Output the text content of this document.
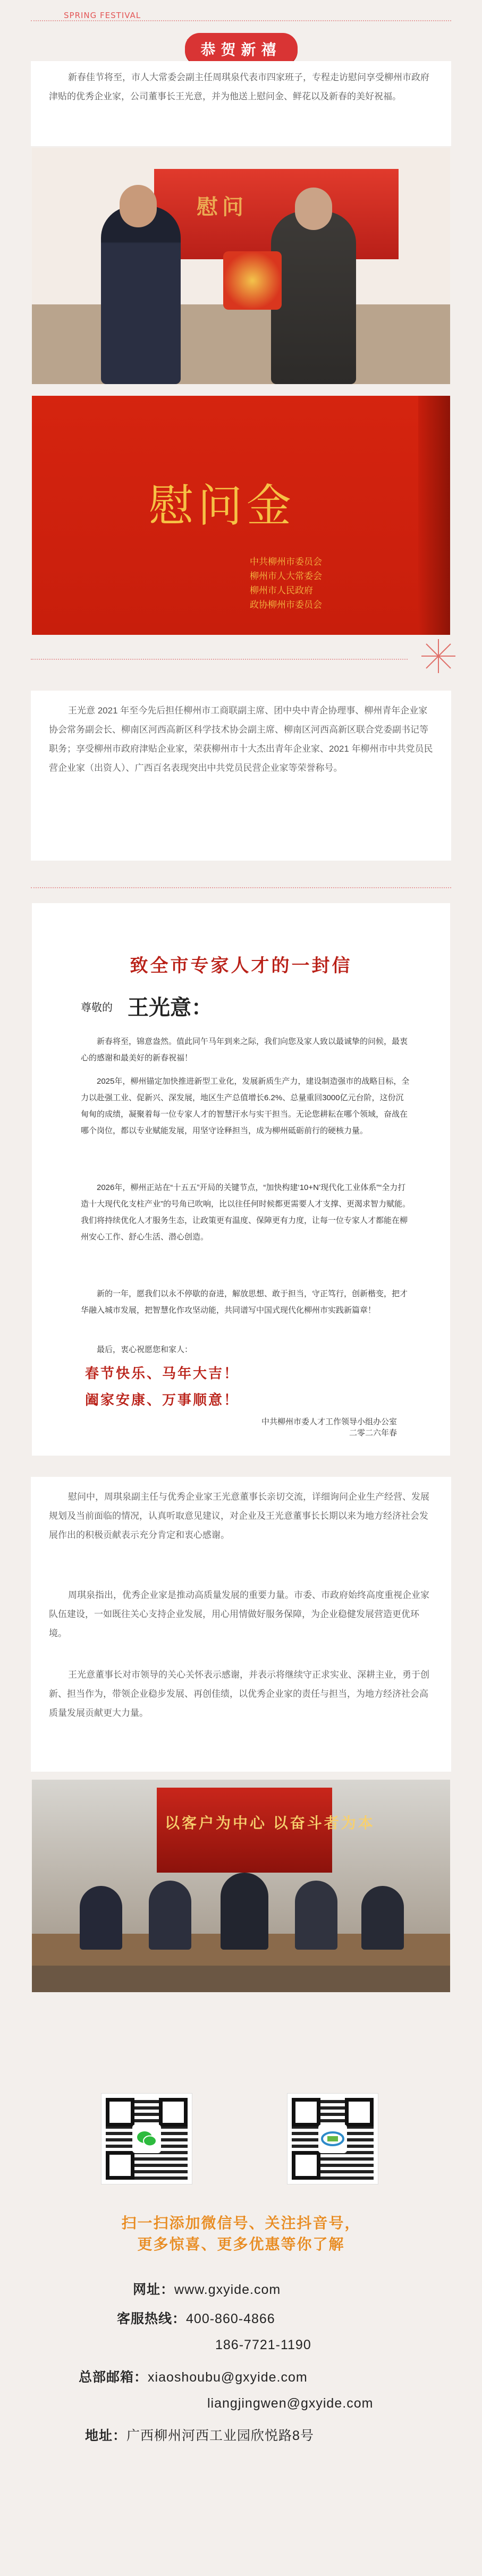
SPRING FESTIVAL
恭贺新禧
新春佳节将至，市人大常委会副主任周琪泉代表市四家班子，专程走访慰问享受柳州市政府津贴的优秀企业家，公司董事长王光意，并为他送上慰问金、鲜花以及新春的美好祝福。
慰问
慰问金
中共柳州市委员会
柳州市人大常委会
柳州市人民政府
政协柳州市委员会
王光意 2021 年至今先后担任柳州市工商联副主席、团中央中青企协理事、柳州青年企业家协会常务副会长、柳南区河西高新区科学技术协会副主席、柳南区河西高新区联合党委副书记等职务；享受柳州市政府津贴企业家，荣获柳州市十大杰出青年企业家、2021 年柳州市中共党员民营企业家（出资人）、广西百名表现突出中共党员民营企业家等荣誉称号。
致全市专家人才的一封信
尊敬的 王光意：
新春将至，锦意盎然。值此同午马年到来之际，我们向您及家人致以最诚挚的问候，最衷心的感谢和最美好的新春祝福！
2025年，柳州锚定加快推进新型工业化，发展新质生产力，建设制造强市的战略目标，全力以赴强工业、促新兴、深发展，地区生产总值增长6.2%、总量重回3000亿元台阶，这份沉甸甸的成绩，凝聚着每一位专家人才的智慧汗水与实干担当。无论您耕耘在哪个领域，奋战在哪个岗位，都以专业赋能发展，用坚守诠释担当，成为柳州砥砺前行的硬核力量。
2026年，柳州正站在“十五五”开局的关键节点，“加快构建‘10+N’现代化工业体系”“全力打造十大现代化支柱产业”的号角已吹响，比以往任何时候都更需要人才支撑、更渴求智力赋能。我们将持续优化人才服务生态，让政策更有温度、保障更有力度，让每一位专家人才都能在柳州安心工作、舒心生活、潜心创造。
新的一年，愿我们以永不停歇的奋进，解放思想、敢于担当，守正笃行，创新楷变，把才华融入城市发展，把智慧化作攻坚动能，共同谱写中国式现代化柳州市实践新篇章！
最后，衷心祝愿您和家人：
春节快乐、马年大吉！
阖家安康、万事顺意！
中共柳州市委人才工作领导小组办公室
二零二六年春
慰问中，周琪泉副主任与优秀企业家王光意董事长亲切交流，详细询问企业生产经营、发展规划及当前面临的情况，认真听取意见建议，对企业及王光意董事长长期以来为地方经济社会发展作出的积极贡献表示充分肯定和衷心感谢。
周琪泉指出，优秀企业家是推动高质量发展的重要力量。市委、市政府始终高度重视企业家队伍建设，一如既往关心支持企业发展，用心用情做好服务保障，为企业稳健发展营造更优环境。
王光意董事长对市领导的关心关怀表示感谢，并表示将继续守正求实业、深耕主业，勇于创新、担当作为，带领企业稳步发展、再创佳绩，以优秀企业家的责任与担当，为地方经济社会高质量发展贡献更大力量。
以客户为中心 以奋斗者为本
扫一扫添加微信号、关注抖音号，
更多惊喜、更多优惠等你了解
网址：www.gxyide.com
客服热线：400-860-4866
186-7721-1190
总部邮箱：xiaoshoubu@gxyide.com
liangjingwen@gxyide.com
地址：广西柳州河西工业园欣悦路8号
